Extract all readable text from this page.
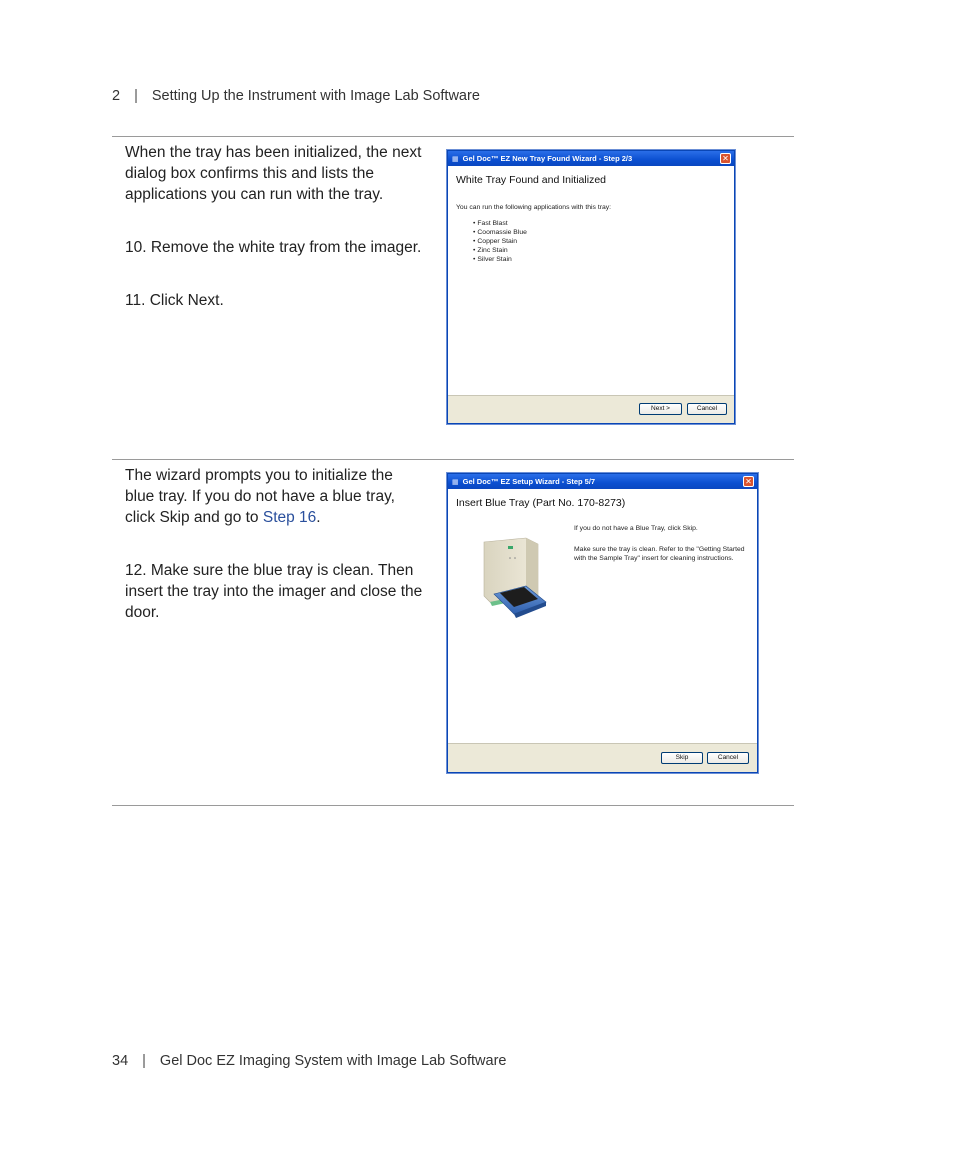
2 | Setting Up the Instrument with Image Lab Software

When the tray has been initialized, the next dialog box confirms this and lists the applications you can run with the tray.

10. Remove the white tray from the imager.

11. Click Next.

▦ Gel Doc™ EZ New Tray Found Wizard - Step 2/3	✕
White Tray Found and Initialized
You can run the following applications with this tray:
• Fast Blast
• Coomassie Blue
• Copper Stain
• Zinc Stain
• Silver Stain
Next >	Cancel

The wizard prompts you to initialize the blue tray. If you do not have a blue tray, click Skip and go to Step 16.

12. Make sure the blue tray is clean. Then insert the tray into the imager and close the door.

▦ Gel Doc™ EZ Setup Wizard - Step 5/7	✕
Insert Blue Tray (Part No. 170-8273)
If you do not have a Blue Tray, click Skip.
Make sure the tray is clean. Refer to the "Getting Started with the Sample Tray" insert for cleaning instructions.
Skip	Cancel
34 | Gel Doc EZ Imaging System with Image Lab Software
